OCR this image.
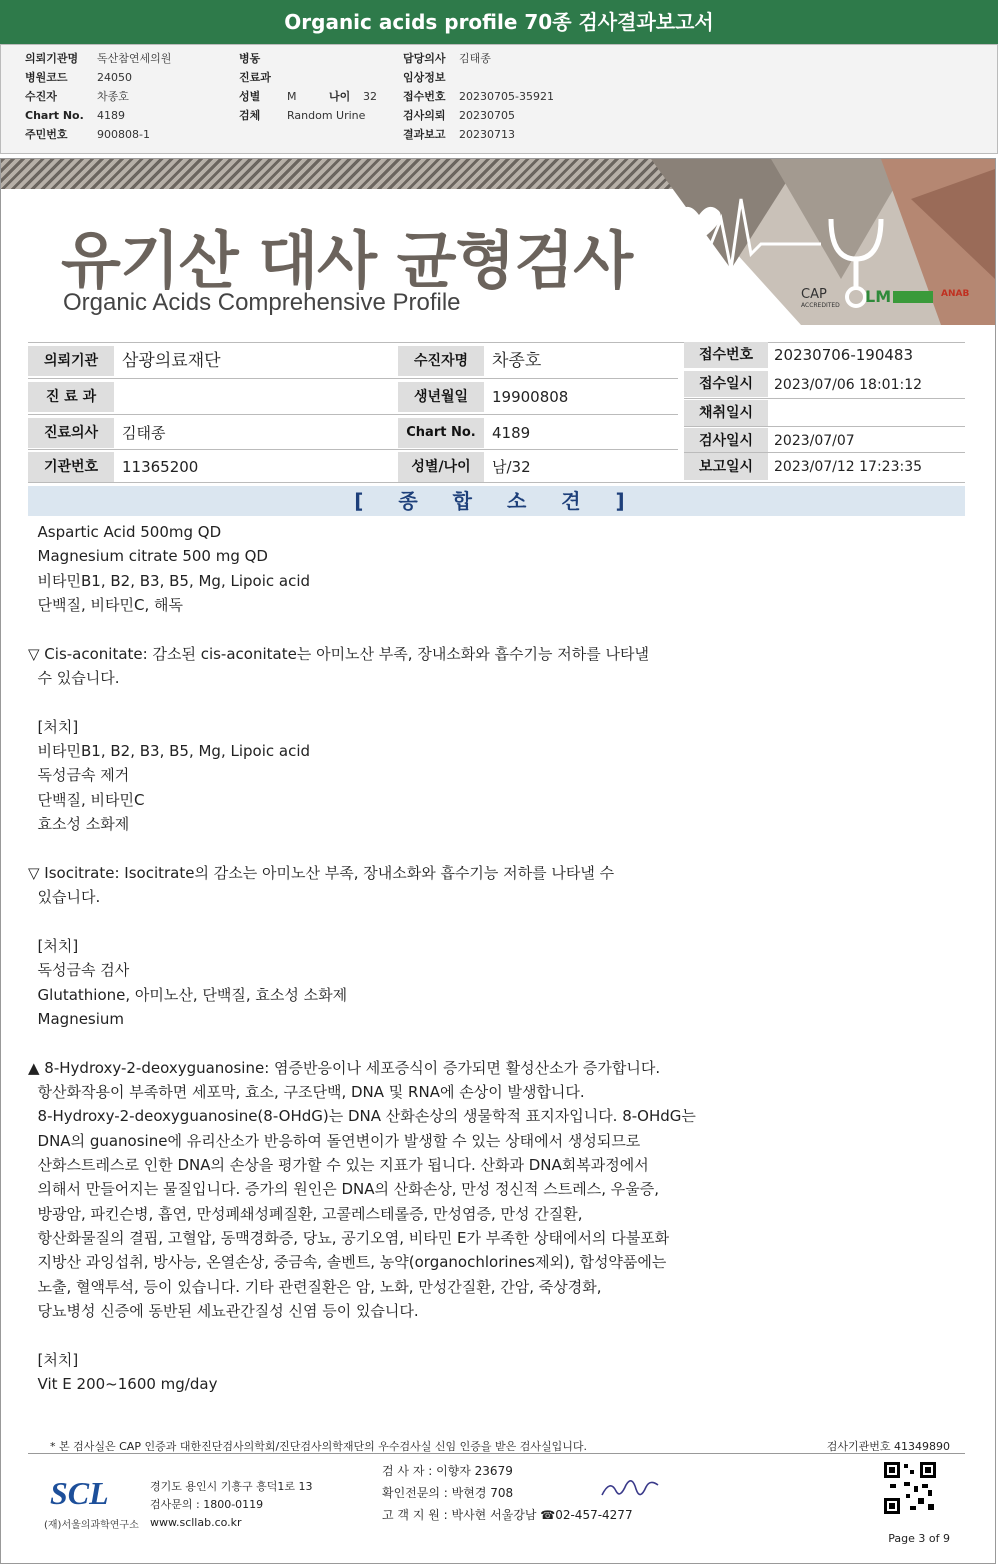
Organic acids profile 70종 검사결과보고서
의뢰기관명 독산참연세의원
병원코드	24050
수진자	차종호
Chart No. 4189
주민번호	900808-1
병동
진료과
성별 M	나이 32
검체 Random Urine
담당의사 김태종
임상정보
접수번호 20230705-35921
검사의뢰 20230705
결과보고 20230713
CAP
ACCREDITED LM	ANAB
유기산 대사 균형검사
Organic Acids Comprehensive Profile
의뢰기관	삼광의료재단
진 료 과
진료의사	김태종
기관번호	11365200
수진자명	차종호
생년월일	19900808
Chart No.	4189
성별/나이	남/32
접수번호	20230706-190483
접수일시	2023/07/06 18:01:12
채취일시
검사일시	2023/07/07
보고일시	2023/07/12 17:23:35
[ 종 합 소 견 ]
Aspartic Acid 500mg QD
Magnesium citrate 500 mg QD
비타민B1, B2, B3, B5, Mg, Lipoic acid
단백질, 비타민C, 해독
▽ Cis-aconitate: 감소된 cis-aconitate는 아미노산 부족, 장내소화와 흡수기능 저하를 나타낼
수 있습니다.
[처치]
비타민B1, B2, B3, B5, Mg, Lipoic acid
독성금속 제거
단백질, 비타민C
효소성 소화제
▽ Isocitrate: Isocitrate의 감소는 아미노산 부족, 장내소화와 흡수기능 저하를 나타낼 수
있습니다.
[처치]
독성금속 검사
Glutathione, 아미노산, 단백질, 효소성 소화제
Magnesium
▲ 8-Hydroxy-2-deoxyguanosine: 염증반응이나 세포증식이 증가되면 활성산소가 증가합니다.
항산화작용이 부족하면 세포막, 효소, 구조단백, DNA 및 RNA에 손상이 발생합니다.
8-Hydroxy-2-deoxyguanosine(8-OHdG)는 DNA 산화손상의 생물학적 표지자입니다. 8-OHdG는
DNA의 guanosine에 유리산소가 반응하여 돌연변이가 발생할 수 있는 상태에서 생성되므로
산화스트레스로 인한 DNA의 손상을 평가할 수 있는 지표가 됩니다. 산화과 DNA회복과정에서
의해서 만들어지는 물질입니다. 증가의 원인은 DNA의 산화손상, 만성 정신적 스트레스, 우울증,
방광암, 파킨슨병, 흡연, 만성폐쇄성폐질환, 고콜레스테롤증, 만성염증, 만성 간질환,
항산화물질의 결핍, 고혈압, 동맥경화증, 당뇨, 공기오염, 비타민 E가 부족한 상태에서의 다불포화
지방산 과잉섭취, 방사능, 온열손상, 중금속, 솔벤트, 농약(organochlorines제외), 합성약품에는
노출, 혈액투석, 등이 있습니다. 기타 관련질환은 암, 노화, 만성간질환, 간암, 죽상경화,
당뇨병성 신증에 동반된 세뇨관간질성 신염 등이 있습니다.
[처치]
Vit E 200~1600 mg/day
* 본 검사실은 CAP 인증과 대한진단검사의학회/진단검사의학재단의 우수검사실 신임 인증을 받은 검사실입니다.	검사기관번호 41349890
SCL
(재)서울의과학연구소
경기도 용인시 기흥구 흥덕1로 13
검사문의 : 1800-0119
www.scllab.co.kr
검 사 자 : 이향자 23679
확인전문의 : 박현경 708
고 객 지 원 : 박사현 서울강남 ☎02-457-4277
Page 3 of 9
